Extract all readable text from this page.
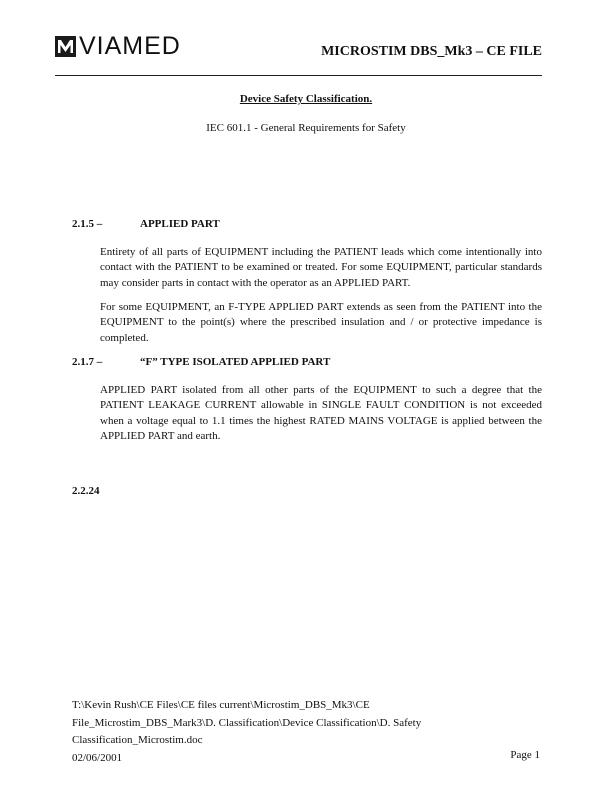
VIAMED	MICROSTIM DBS_Mk3 – CE FILE
Device Safety Classification.
IEC 601.1 - General Requirements for Safety
2.1.5 –	APPLIED PART
Entirety of all parts of EQUIPMENT including the PATIENT leads which come intentionally into contact with the PATIENT to be examined or treated. For some EQUIPMENT, particular standards may consider parts in contact with the operator as an APPLIED PART.
For some EQUIPMENT, an F-TYPE APPLIED PART extends as seen from the PATIENT into the EQUIPMENT to the point(s) where the prescribed insulation and / or protective impedance is completed.
2.1.7 –	“F” TYPE ISOLATED APPLIED PART
APPLIED PART isolated from all other parts of the EQUIPMENT to such a degree that the PATIENT LEAKAGE CURRENT allowable in SINGLE FAULT CONDITION is not exceeded when a voltage equal to 1.1 times the highest RATED MAINS VOLTAGE is applied between the APPLIED PART and earth.
2.2.24
T:\Kevin Rush\CE Files\CE files current\Microstim_DBS_Mk3\CE
File_Microstim_DBS_Mark3\D. Classification\Device Classification\D. Safety
Classification_Microstim.doc
02/06/2001	Page 1
